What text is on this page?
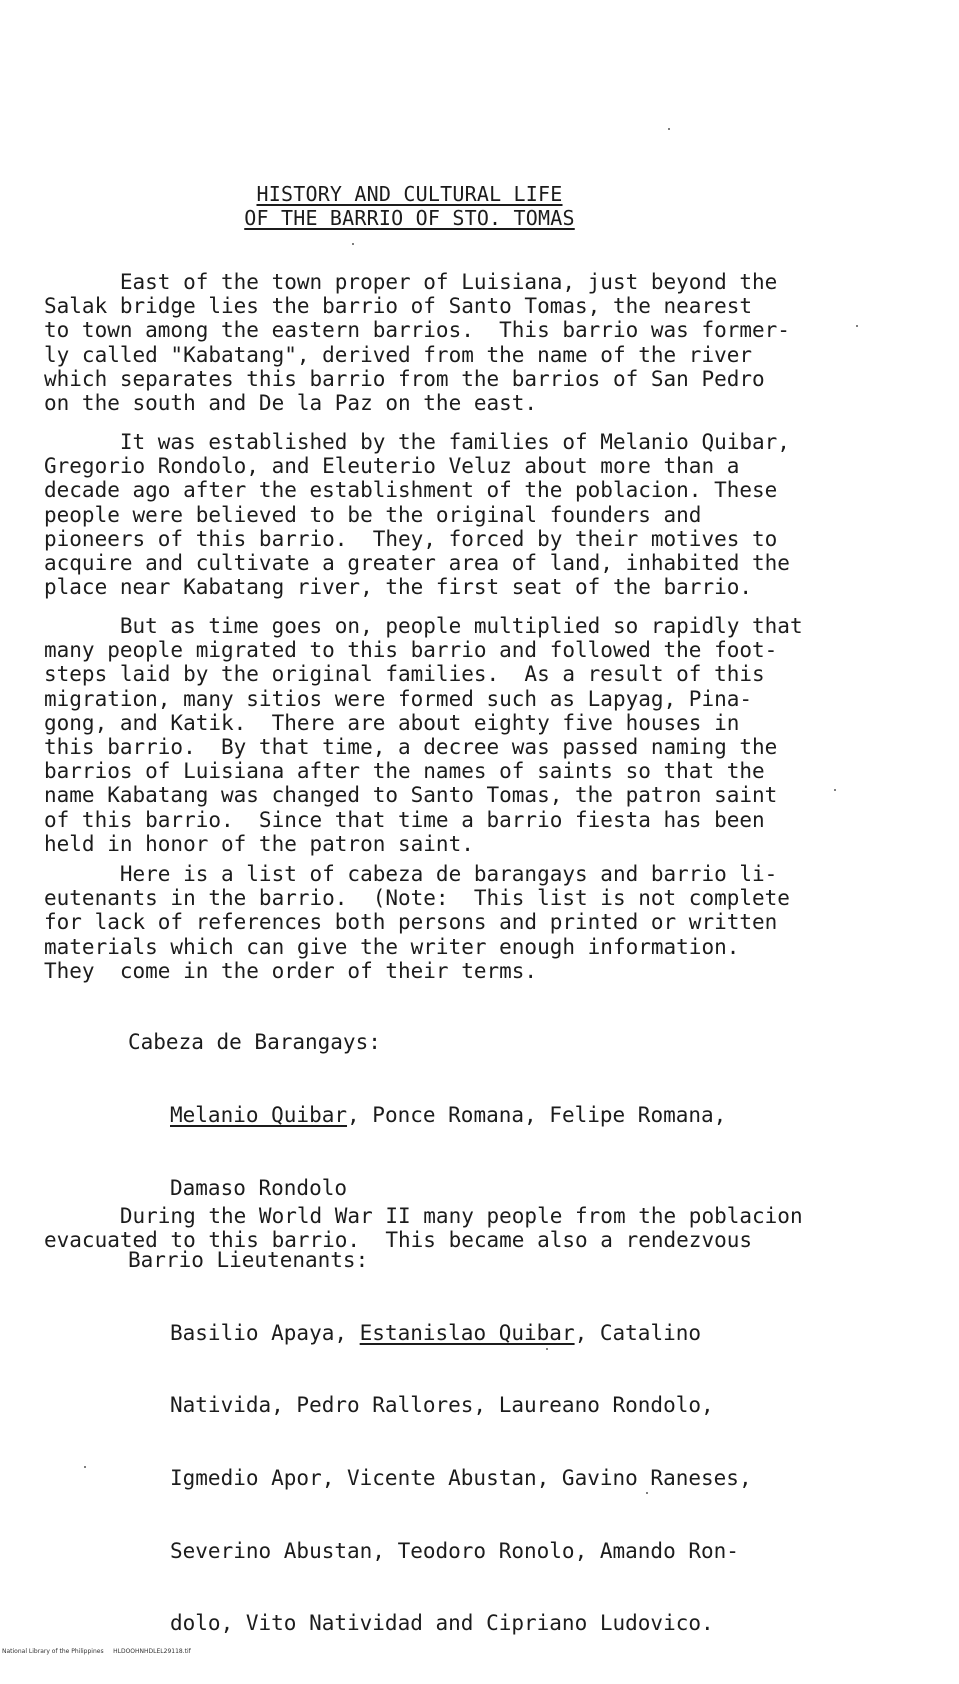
HISTORY AND CULTURAL LIFE
OF THE BARRIO OF STO. TOMAS
East of the town proper of Luisiana, just beyond the
Salak bridge lies the barrio of Santo Tomas, the nearest
to town among the eastern barrios.  This barrio was former-
ly called "Kabatang", derived from the name of the river
which separates this barrio from the barrios of San Pedro
on the south and De la Paz on the east.
It was established by the families of Melanio Quibar,
Gregorio Rondolo, and Eleuterio Veluz about more than a
decade ago after the establishment of the poblacion. These
people were believed to be the original founders and
pioneers of this barrio.  They, forced by their motives to
acquire and cultivate a greater area of land, inhabited the
place near Kabatang river, the first seat of the barrio.
But as time goes on, people multiplied so rapidly that
many people migrated to this barrio and followed the foot-
steps laid by the original families.  As a result of this
migration, many sitios were formed such as Lapyag, Pina-
gong, and Katik.  There are about eighty five houses in
this barrio.  By that time, a decree was passed naming the
barrios of Luisiana after the names of saints so that the
name Kabatang was changed to Santo Tomas, the patron saint
of this barrio.  Since that time a barrio fiesta has been
held in honor of the patron saint.
Here is a list of cabeza de barangays and barrio li-
eutenants in the barrio.  (Note:  This list is not complete
for lack of references both persons and printed or written
materials which can give the writer enough information.
They  come in the order of their terms.

Cabeza de Barangays:

Melanio Quibar, Ponce Romana, Felipe Romana,

Damaso Rondolo

Barrio Lieutenants:

Basilio Apaya, Estanislao Quibar, Catalino

Nativida, Pedro Rallores, Laureano Rondolo,

Igmedio Apor, Vicente Abustan, Gavino Raneses,

Severino Abustan, Teodoro Ronolo, Amando Ron-

dolo, Vito Natividad and Cipriano Ludovico.

During the World War II many people from the poblacion
evacuated to this barrio.  This became also a rendezvous
National Library of the Philippines     HLDOOHNHDLEL29118.tif
